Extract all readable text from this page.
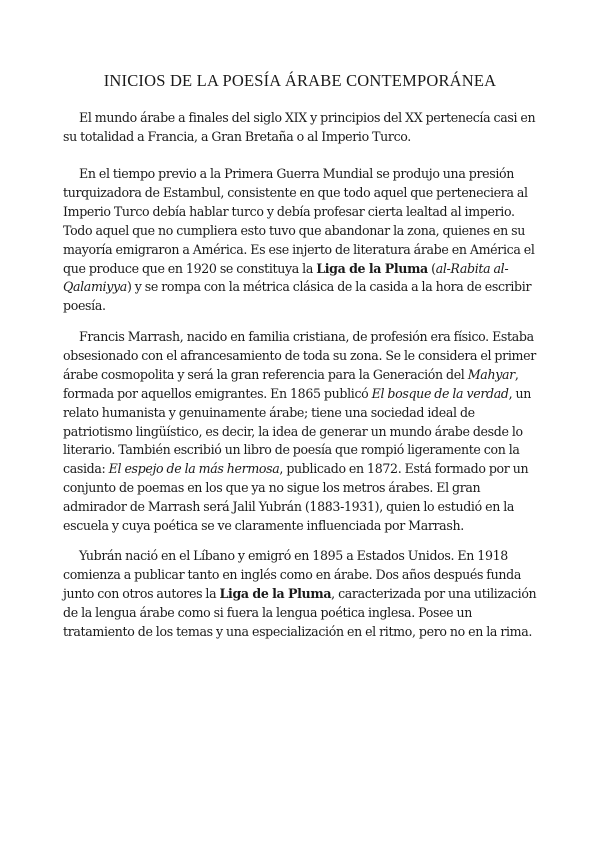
INICIOS DE LA POESÍA ÁRABE CONTEMPORÁNEA

El mundo árabe a finales del siglo XIX y principios del XX pertenecía casi en su totalidad a Francia, a Gran Bretaña o al Imperio Turco.

En el tiempo previo a la Primera Guerra Mundial se produjo una presión turquizadora de Estambul, consistente en que todo aquel que perteneciera al Imperio Turco debía hablar turco y debía profesar cierta lealtad al imperio. Todo aquel que no cumpliera esto tuvo que abandonar la zona, quienes en su mayoría emigraron a América. Es ese injerto de literatura árabe en América el que produce que en 1920 se constituya la Liga de la Pluma (al-Rabita al-Qalamiyya) y se rompa con la métrica clásica de la casida a la hora de escribir poesía.

Francis Marrash, nacido en familia cristiana, de profesión era físico. Estaba obsesionado con el afrancesamiento de toda su zona. Se le considera el primer árabe cosmopolita y será la gran referencia para la Generación del Mahyar, formada por aquellos emigrantes. En 1865 publicó El bosque de la verdad, un relato humanista y genuinamente árabe; tiene una sociedad ideal de patriotismo lingüístico, es decir, la idea de generar un mundo árabe desde lo literario. También escribió un libro de poesía que rompió ligeramente con la casida: El espejo de la más hermosa, publicado en 1872. Está formado por un conjunto de poemas en los que ya no sigue los metros árabes. El gran admirador de Marrash será Jalil Yubrán (1883-1931), quien lo estudió en la escuela y cuya poética se ve claramente influenciada por Marrash.

Yubrán nació en el Líbano y emigró en 1895 a Estados Unidos. En 1918 comienza a publicar tanto en inglés como en árabe. Dos años después funda junto con otros autores la Liga de la Pluma, caracterizada por una utilización de la lengua árabe como si fuera la lengua poética inglesa. Posee un tratamiento de los temas y una especialización en el ritmo, pero no en la rima.
